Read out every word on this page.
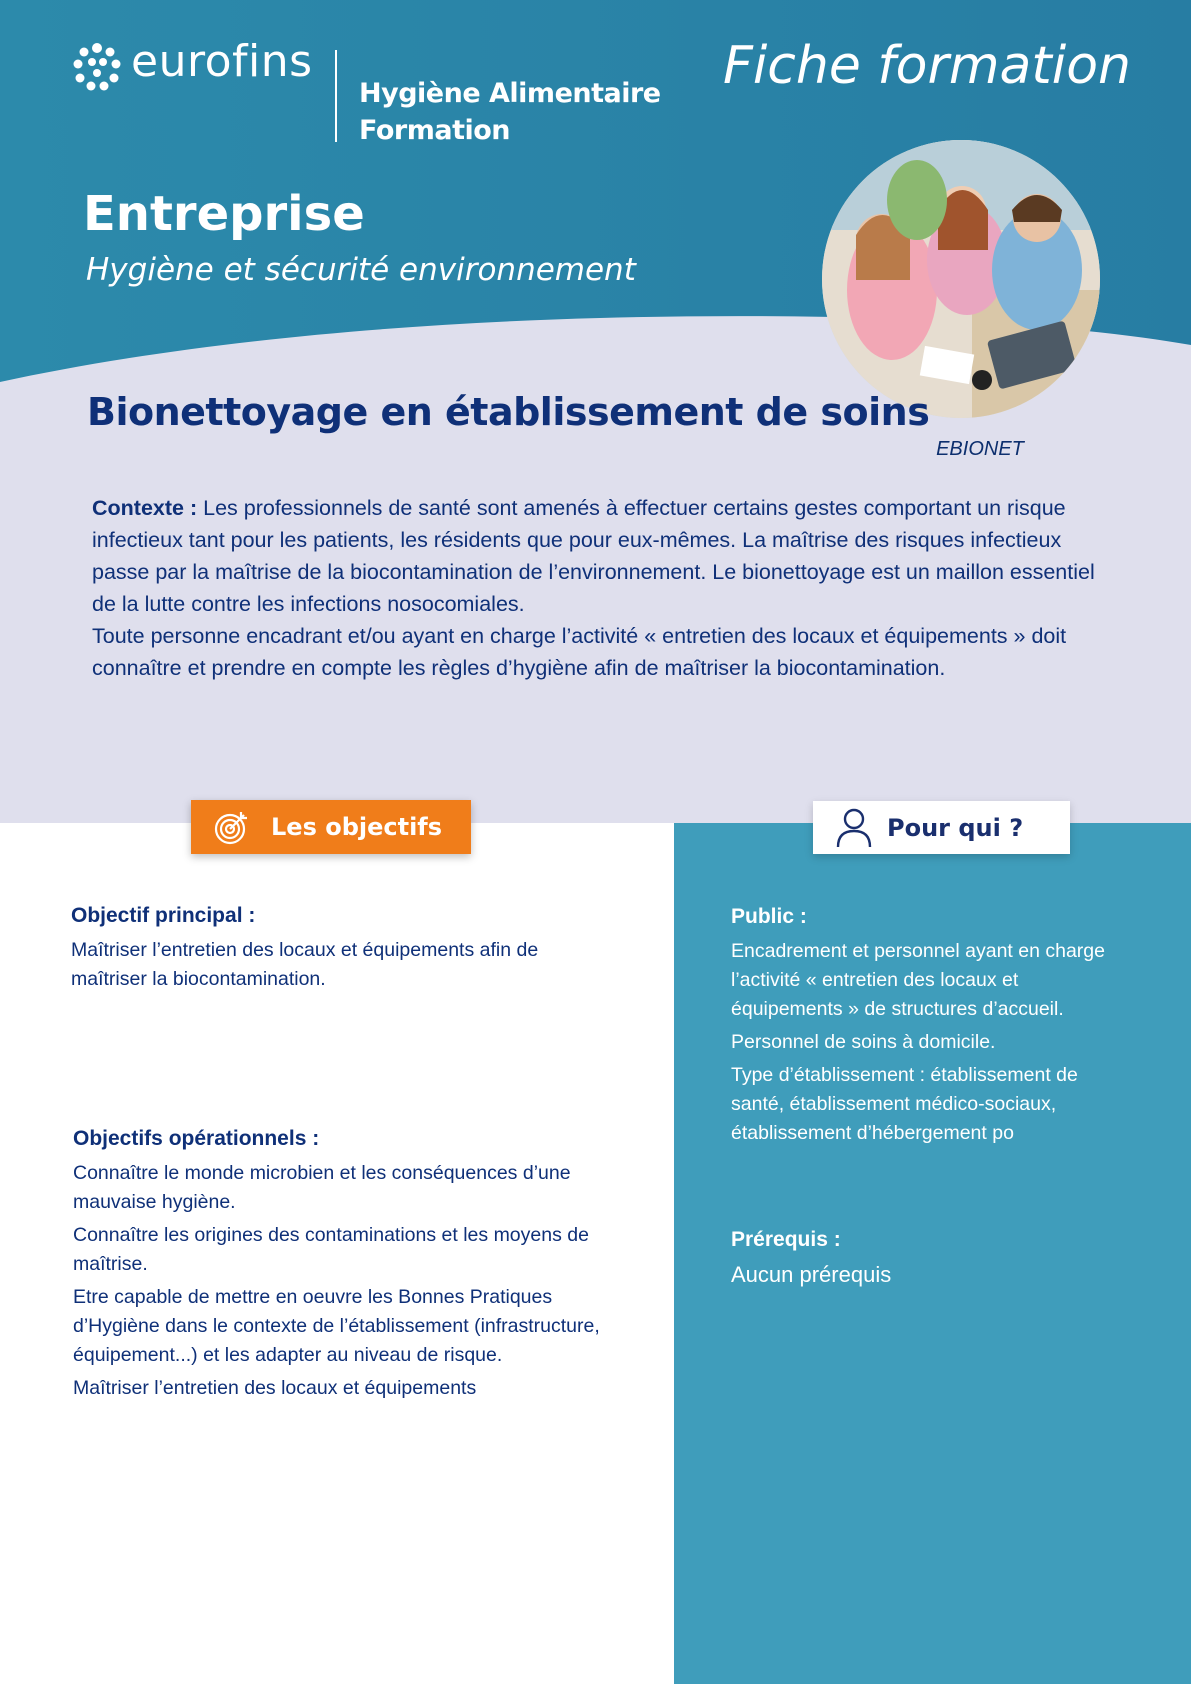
eurofins
Hygiène Alimentaire
Formation
Fiche formation
Entreprise
Hygiène et sécurité environnement
EBIONET
Bionettoyage en établissement de soins

Contexte : Les professionnels de santé sont amenés à effectuer certains gestes comportant un risque infectieux tant pour les patients, les résidents que pour eux-mêmes. La maîtrise des risques infectieux passe par la maîtrise de la biocontamination de l’environnement. Le bionettoyage est un maillon essentiel de la lutte contre les infections nosocomiales.

Toute personne encadrant et/ou ayant en charge l’activité « entretien des locaux et équipements » doit connaître et prendre en compte les règles d’hygiène afin de maîtriser la biocontamination.

Les objectifs	Pour qui ?
Objectif principal :

Maîtriser l’entretien des locaux et équipements afin de maîtriser la biocontamination.

Objectifs opérationnels :

Connaître le monde microbien et les conséquences d’une mauvaise hygiène.

Connaître les origines des contaminations et les moyens de maîtrise.

Etre capable de mettre en oeuvre les Bonnes Pratiques d’Hygiène dans le contexte de l’établissement (infrastructure, équipement...) et les adapter au niveau de risque.

Maîtriser l’entretien des locaux et équipements

Public :

Encadrement et personnel ayant en charge l’activité « entretien des locaux et équipements » de structures d’accueil.

Personnel de soins à domicile.

Type d’établissement : établissement de santé, établissement médico-sociaux, établissement d’hébergement po

Prérequis :

Aucun prérequis
